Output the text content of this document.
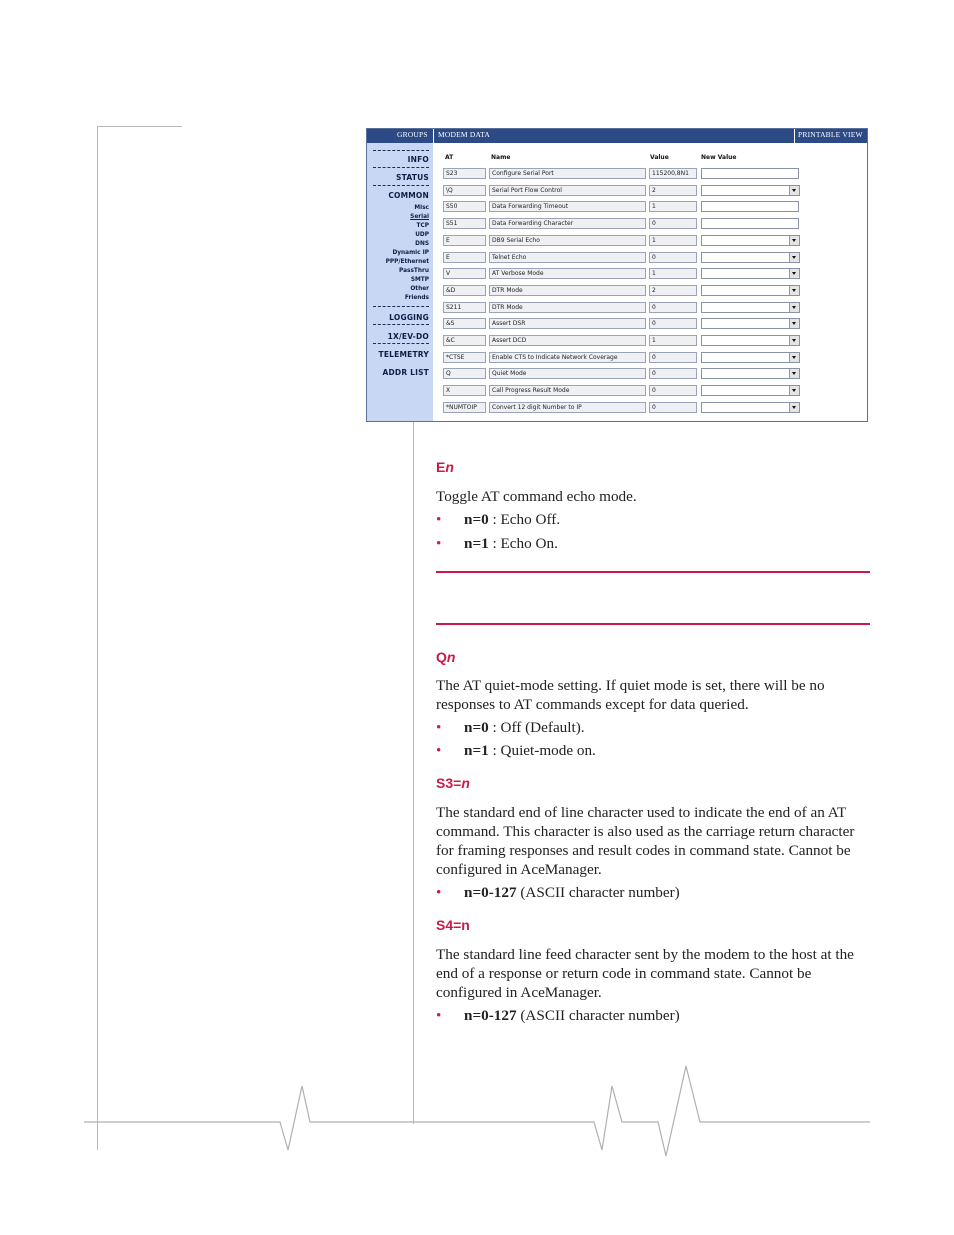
GROUPS MODEM DATA	PRINTABLE VIEW
INFO
STATUS
COMMON
Misc
Serial
TCP
UDP
DNS
Dynamic IP
PPP/Ethernet
PassThru
SMTP
Other
Friends
LOGGING
1X/EV-DO
TELEMETRY
ADDR LIST
AT	Name	Value	New Value
S23	Configure Serial Port	115200,8N1
\Q	Serial Port Flow Control	2
S50	Data Forwarding Timeout	1
S51	Data Forwarding Character	0
E	DB9 Serial Echo	1
E	Telnet Echo	0
V	AT Verbose Mode	1
&D	DTR Mode	2
S211	DTR Mode	0
&S	Assert DSR	0
&C	Assert DCD	1
*CTSE	Enable CTS to Indicate Network Coverage	0
Q	Quiet Mode	0
X	Call Progress Result Mode	0
*NUMTOIP	Convert 12 digit Number to IP	0
En
Toggle AT command echo mode.
• n=0 : Echo Off.
• n=1 : Echo On.
Qn
The AT quiet-mode setting. If quiet mode is set, there will be no responses to AT commands except for data queried.
• n=0 : Off (Default).
• n=1 : Quiet-mode on.
S3=n
The standard end of line character used to indicate the end of an AT command. This character is also used as the carriage return character for framing responses and result codes in command state. Cannot be configured in AceManager.
• n=0-127 (ASCII character number)
S4=n
The standard line feed character sent by the modem to the host at the end of a response or return code in command state. Cannot be configured in AceManager.
• n=0-127 (ASCII character number)
